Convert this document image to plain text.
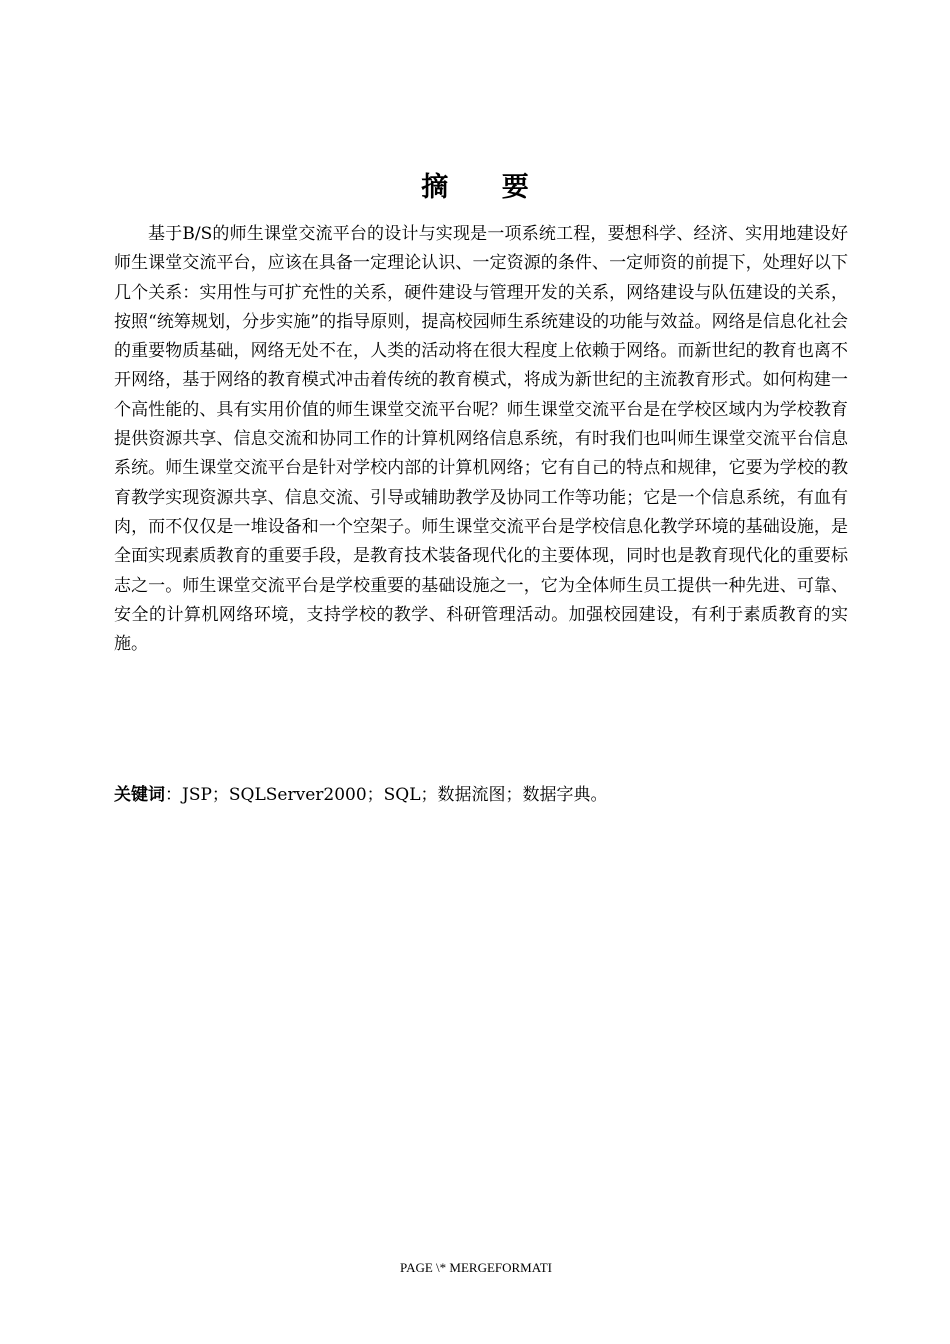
摘 要

基于B/S的师生课堂交流平台的设计与实现是一项系统工程，要想科学、经济、实用地建设好师生课堂交流平台，应该在具备一定理论认识、一定资源的条件、一定师资的前提下，处理好以下几个关系：实用性与可扩充性的关系，硬件建设与管理开发的关系，网络建设与队伍建设的关系，按照“统筹规划，分步实施”的指导原则，提高校园师生系统建设的功能与效益。网络是信息化社会的重要物质基础，网络无处不在，人类的活动将在很大程度上依赖于网络。而新世纪的教育也离不开网络，基于网络的教育模式冲击着传统的教育模式，将成为新世纪的主流教育形式。如何构建一个高性能的、具有实用价值的师生课堂交流平台呢？师生课堂交流平台是在学校区域内为学校教育提供资源共享、信息交流和协同工作的计算机网络信息系统，有时我们也叫师生课堂交流平台信息系统。师生课堂交流平台是针对学校内部的计算机网络；它有自己的特点和规律，它要为学校的教育教学实现资源共享、信息交流、引导或辅助教学及协同工作等功能；它是一个信息系统，有血有肉，而不仅仅是一堆设备和一个空架子。师生课堂交流平台是学校信息化教学环境的基础设施，是全面实现素质教育的重要手段，是教育技术装备现代化的主要体现，同时也是教育现代化的重要标志之一。师生课堂交流平台是学校重要的基础设施之一，它为全体师生员工提供一种先进、可靠、安全的计算机网络环境，支持学校的教学、科研管理活动。加强校园建设，有利于素质教育的实施。

关键词：JSP；SQLServer2000；SQL；数据流图；数据字典。
PAGE \* MERGEFORMATI
